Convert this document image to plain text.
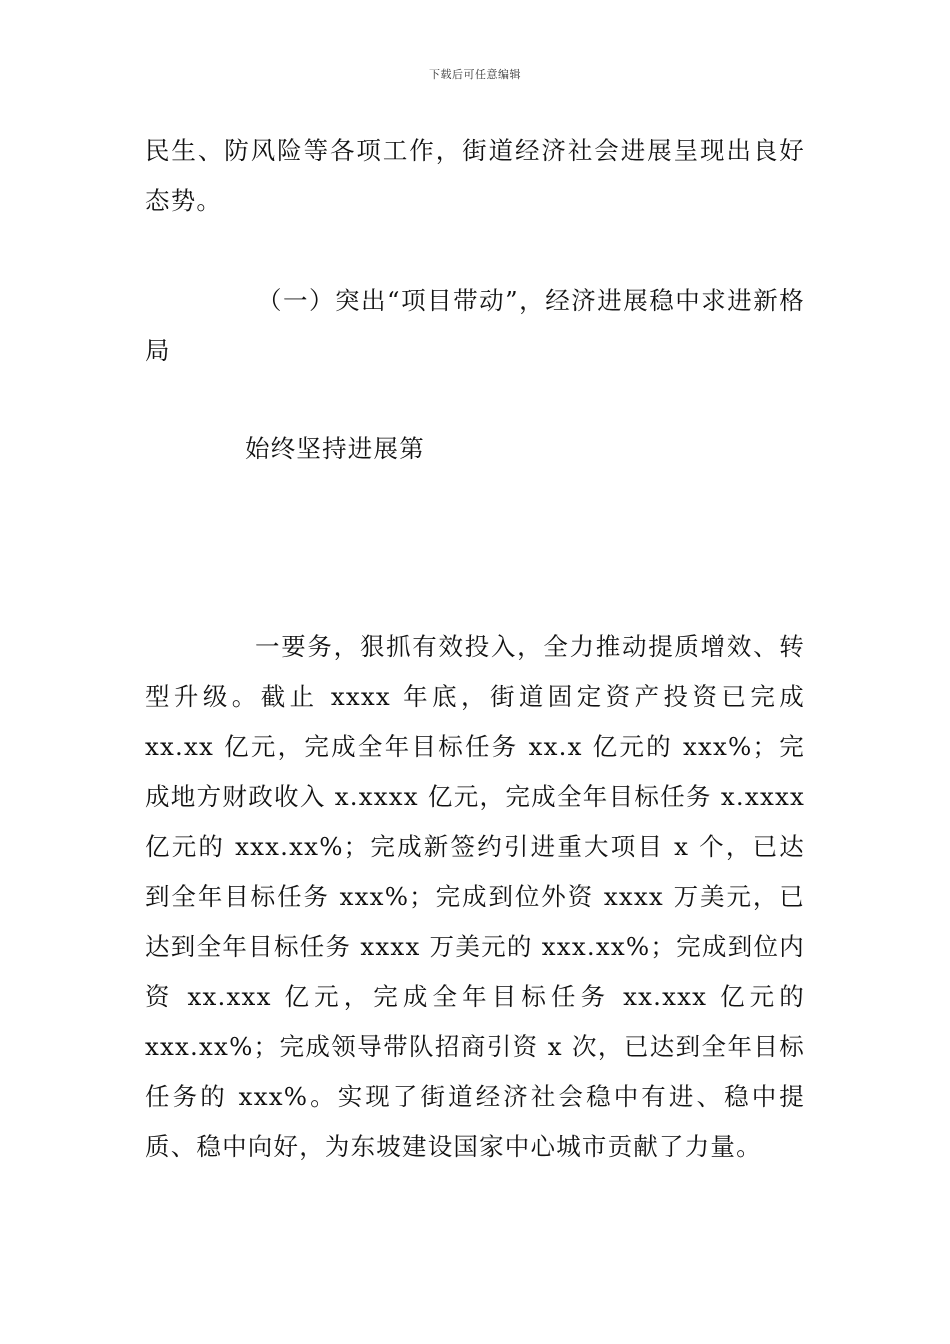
下载后可任意编辑

民生、防风险等各项工作，街道经济社会进展呈现出良好态势。

（一）突出“项目带动”，经济进展稳中求进新格局

始终坚持进展第

一要务，狠抓有效投入，全力推动提质增效、转型升级。截止 xxxx 年底，街道固定资产投资已完成 xx.xx 亿元，完成全年目标任务 xx.x 亿元的 xxx%；完成地方财政收入 x.xxxx 亿元，完成全年目标任务 x.xxxx 亿元的 xxx.xx%；完成新签约引进重大项目 x 个，已达到全年目标任务 xxx%；完成到位外资 xxxx 万美元，已达到全年目标任务 xxxx 万美元的 xxx.xx%；完成到位内资 xx.xxx 亿元，完成全年目标任务 xx.xxx 亿元的 xxx.xx%；完成领导带队招商引资 x 次，已达到全年目标任务的 xxx%。实现了街道经济社会稳中有进、稳中提质、稳中向好，为东坡建设国家中心城市贡献了力量。
